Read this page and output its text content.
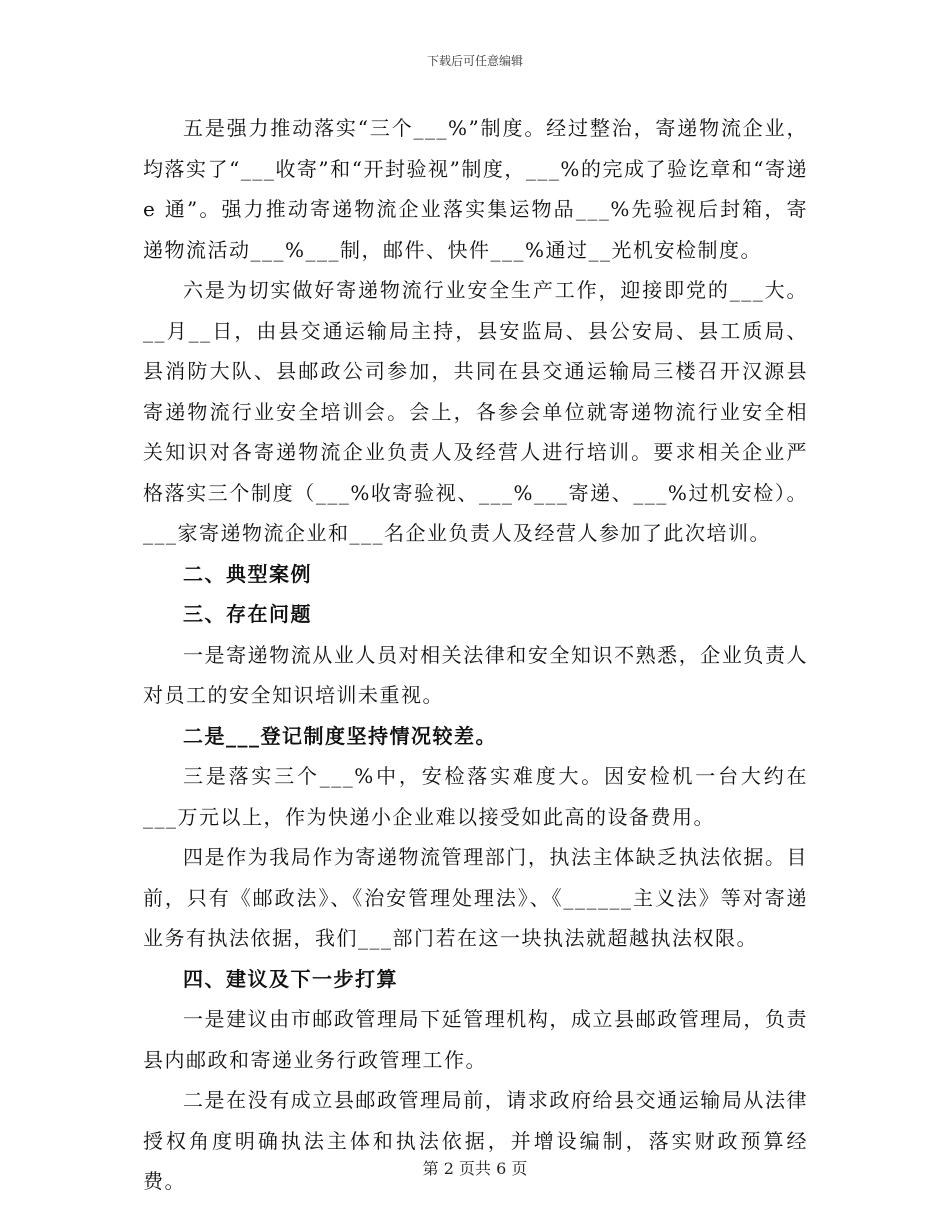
下载后可任意编辑

五是强力推动落实“三个___%”制度。经过整治，寄递物流企业，均落实了“___收寄”和“开封验视”制度，___%的完成了验讫章和“寄递 e 通”。强力推动寄递物流企业落实集运物品___%先验视后封箱，寄递物流活动___%___制，邮件、快件___%通过__光机安检制度。

六是为切实做好寄递物流行业安全生产工作，迎接即党的___大。__月__日，由县交通运输局主持，县安监局、县公安局、县工质局、县消防大队、县邮政公司参加，共同在县交通运输局三楼召开汉源县寄递物流行业安全培训会。会上，各参会单位就寄递物流行业安全相关知识对各寄递物流企业负责人及经营人进行培训。要求相关企业严格落实三个制度（___%收寄验视、___%___寄递、___%过机安检）。___家寄递物流企业和___名企业负责人及经营人参加了此次培训。

二、典型案例

三、存在问题

一是寄递物流从业人员对相关法律和安全知识不熟悉，企业负责人对员工的安全知识培训未重视。

二是___登记制度坚持情况较差。

三是落实三个___%中，安检落实难度大。因安检机一台大约在___万元以上，作为快递小企业难以接受如此高的设备费用。

四是作为我局作为寄递物流管理部门，执法主体缺乏执法依据。目前，只有《邮政法》、《治安管理处理法》、《______主义法》等对寄递业务有执法依据，我们___部门若在这一块执法就超越执法权限。

四、建议及下一步打算

一是建议由市邮政管理局下延管理机构，成立县邮政管理局，负责县内邮政和寄递业务行政管理工作。

二是在没有成立县邮政管理局前，请求政府给县交通运输局从法律授权角度明确执法主体和执法依据，并增设编制，落实财政预算经费。

第 2 页共 6 页
